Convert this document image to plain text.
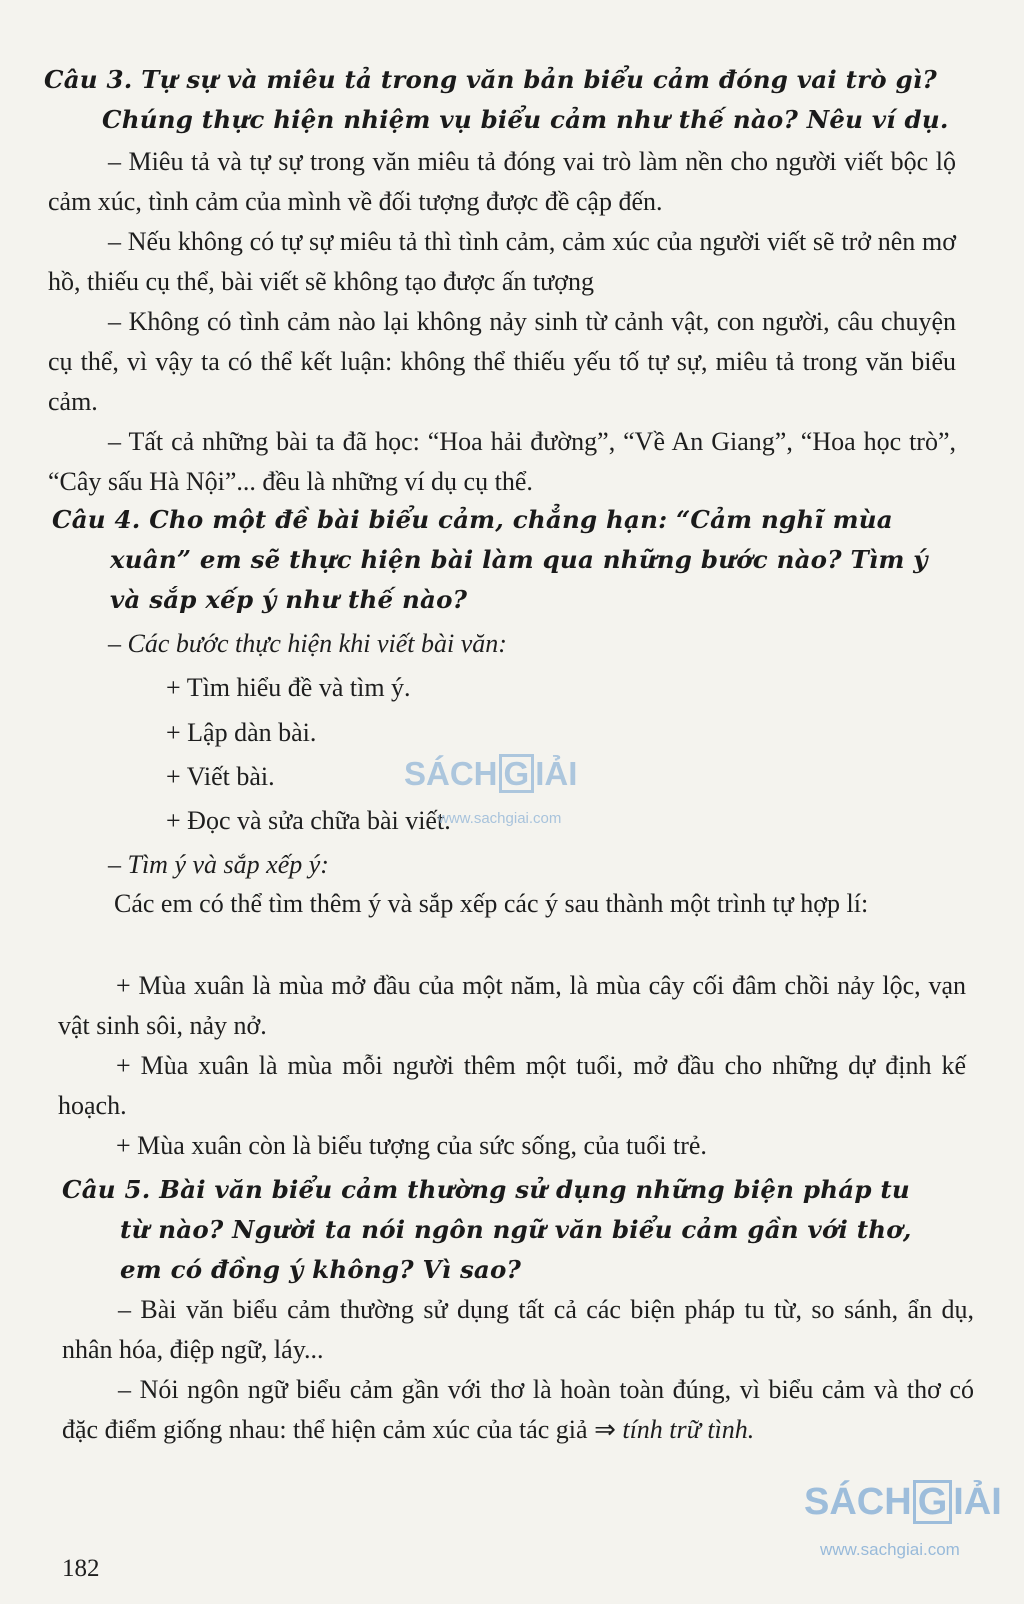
Câu 3. Tự sự và miêu tả trong văn bản biểu cảm đóng vai trò gì?
Chúng thực hiện nhiệm vụ biểu cảm như thế nào? Nêu ví dụ.

– Miêu tả và tự sự trong văn miêu tả đóng vai trò làm nền cho người viết bộc lộ cảm xúc, tình cảm của mình về đối tượng được đề cập đến.

– Nếu không có tự sự miêu tả thì tình cảm, cảm xúc của người viết sẽ trở nên mơ hồ, thiếu cụ thể, bài viết sẽ không tạo được ấn tượng

– Không có tình cảm nào lại không nảy sinh từ cảnh vật, con người, câu chuyện cụ thể, vì vậy ta có thể kết luận: không thể thiếu yếu tố tự sự, miêu tả trong văn biểu cảm.

– Tất cả những bài ta đã học: “Hoa hải đường”, “Về An Giang”, “Hoa học trò”, “Cây sấu Hà Nội”... đều là những ví dụ cụ thể.

Câu 4. Cho một đề bài biểu cảm, chẳng hạn: “Cảm nghĩ mùa
xuân” em sẽ thực hiện bài làm qua những bước nào? Tìm ý
và sắp xếp ý như thế nào?

– Các bước thực hiện khi viết bài văn:

+ Tìm hiểu đề và tìm ý.

+ Lập dàn bài.

+ Viết bài.

+ Đọc và sửa chữa bài viết.

– Tìm ý và sắp xếp ý:

Các em có thể tìm thêm ý và sắp xếp các ý sau thành một trình tự hợp lí:

+ Mùa xuân là mùa mở đầu của một năm, là mùa cây cối đâm chồi nảy lộc, vạn vật sinh sôi, nảy nở.

+ Mùa xuân là mùa mỗi người thêm một tuổi, mở đầu cho những dự định kế hoạch.

+ Mùa xuân còn là biểu tượng của sức sống, của tuổi trẻ.

Câu 5. Bài văn biểu cảm thường sử dụng những biện pháp tu
từ nào? Người ta nói ngôn ngữ văn biểu cảm gần với thơ,
em có đồng ý không? Vì sao?

– Bài văn biểu cảm thường sử dụng tất cả các biện pháp tu từ, so sánh, ẩn dụ, nhân hóa, điệp ngữ, láy...

– Nói ngôn ngữ biểu cảm gần với thơ là hoàn toàn đúng, vì biểu cảm và thơ có đặc điểm giống nhau: thể hiện cảm xúc của tác giả ⇒ tính trữ tình.

182
SÁCH G IẢI
www.sachgiai.com
SÁCH G IẢI
www.sachgiai.com
